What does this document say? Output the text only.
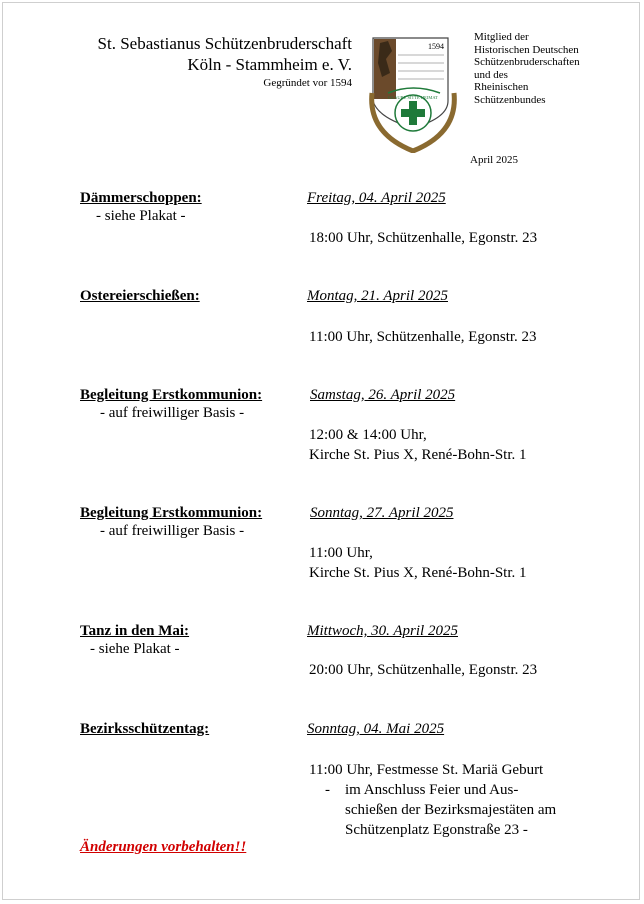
St. Sebastianus Schützenbruderschaft
Köln - Stammheim e. V.
Gegründet vor 1594
1594
GLAUBE SITTE HEIMAT
Mitglied der
Historischen Deutschen
Schützenbruderschaften
und des
Rheinischen
Schützenbundes
April 2025
Dämmerschoppen:
- siehe Plakat -
Freitag, 04. April 2025
18:00 Uhr, Schützenhalle, Egonstr. 23
Ostereierschießen:	Montag, 21. April 2025
11:00 Uhr, Schützenhalle, Egonstr. 23
Begleitung Erstkommunion:
- auf freiwilliger Basis -
Samstag, 26. April 2025
12:00 & 14:00 Uhr,
Kirche St. Pius X, René-Bohn-Str. 1
Begleitung Erstkommunion:
- auf freiwilliger Basis -
Sonntag, 27. April 2025
11:00 Uhr,
Kirche St. Pius X, René-Bohn-Str. 1
Tanz in den Mai:
- siehe Plakat -
Mittwoch, 30. April 2025
20:00 Uhr, Schützenhalle, Egonstr. 23
Bezirksschützentag:	Sonntag, 04. Mai 2025
11:00 Uhr, Festmesse St. Mariä Geburt
- im Anschluss Feier und Aus-
schießen der Bezirksmajestäten am
Schützenplatz Egonstraße 23 -
Änderungen vorbehalten!!
